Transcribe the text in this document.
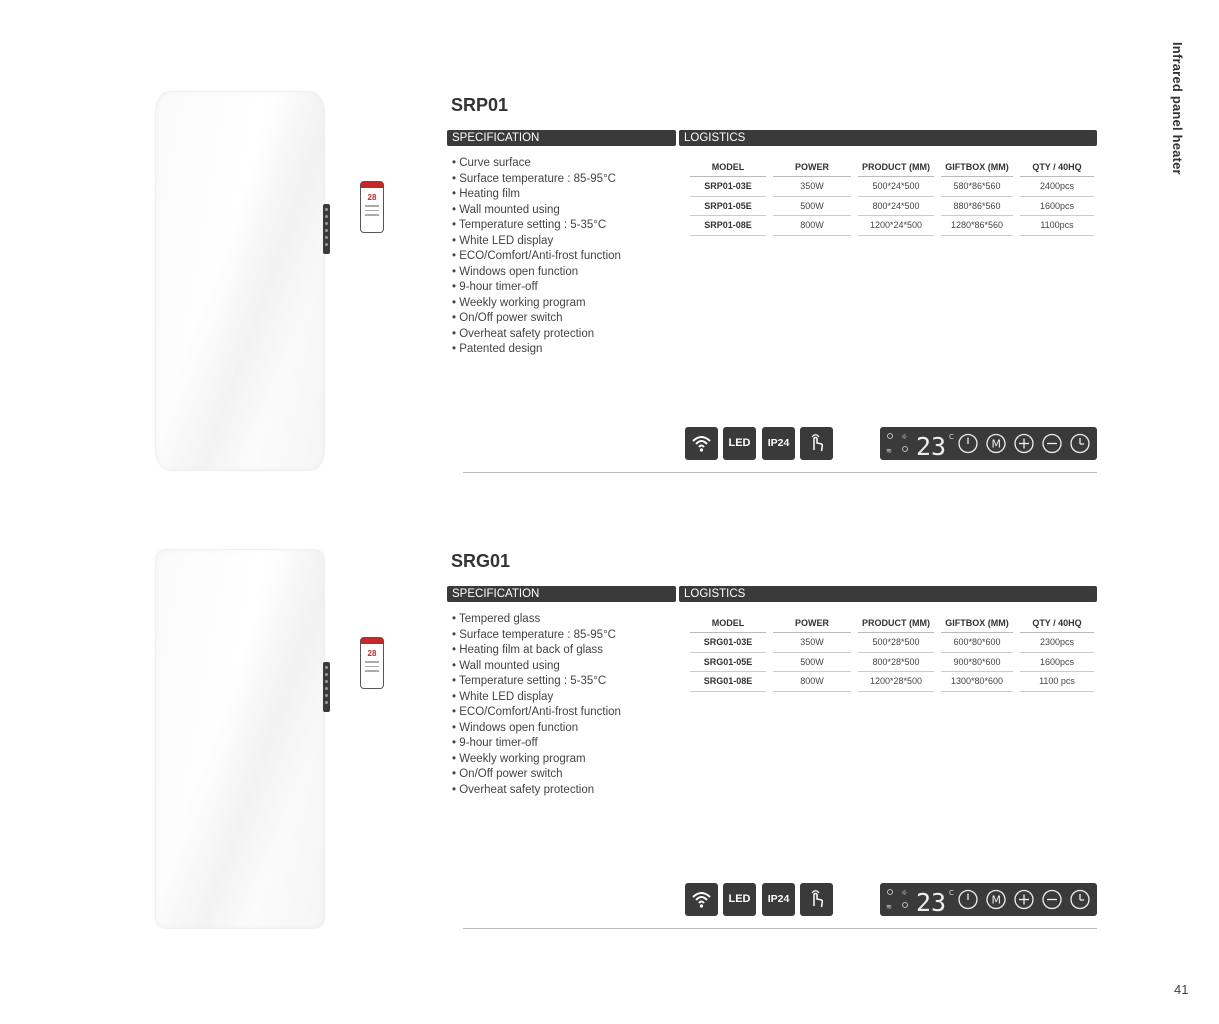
Infrared panel heater
41
28
SRP01
SPECIFICATION	LOGISTICS
• Curve surface
• Surface temperature : 85-95°C
• Heating film
• Wall mounted using
• Temperature setting : 5-35°C
• White LED display
• ECO/Comfort/Anti-frost function
• Windows open function
• 9-hour timer-off
• Weekly working program
• On/Off power switch
• Overheat safety protection
• Patented design
MODEL	POWER	PRODUCT (MM)	GIFTBOX (MM)	QTY / 40HQ
SRP01-03E	350W	500*24*500	580*86*560	2400pcs
SRP01-05E	500W	800*24*500	880*86*560	1600pcs
SRP01-08E	800W	1200*24*500	1280*86*560	1100pcs
LED	IP24	☼
≋ 23 C
M
28
SRG01
SPECIFICATION	LOGISTICS
• Tempered glass
• Surface temperature : 85-95°C
• Heating film at back of glass
• Wall mounted using
• Temperature setting : 5-35°C
• White LED display
• ECO/Comfort/Anti-frost function
• Windows open function
• 9-hour timer-off
• Weekly working program
• On/Off power switch
• Overheat safety protection
MODEL	POWER	PRODUCT (MM)	GIFTBOX (MM)	QTY / 40HQ
SRG01-03E	350W	500*28*500	600*80*600	2300pcs
SRG01-05E	500W	800*28*500	900*80*600	1600pcs
SRG01-08E	800W	1200*28*500	1300*80*600	1100 pcs
LED	IP24	☼
≋ 23 C
M
